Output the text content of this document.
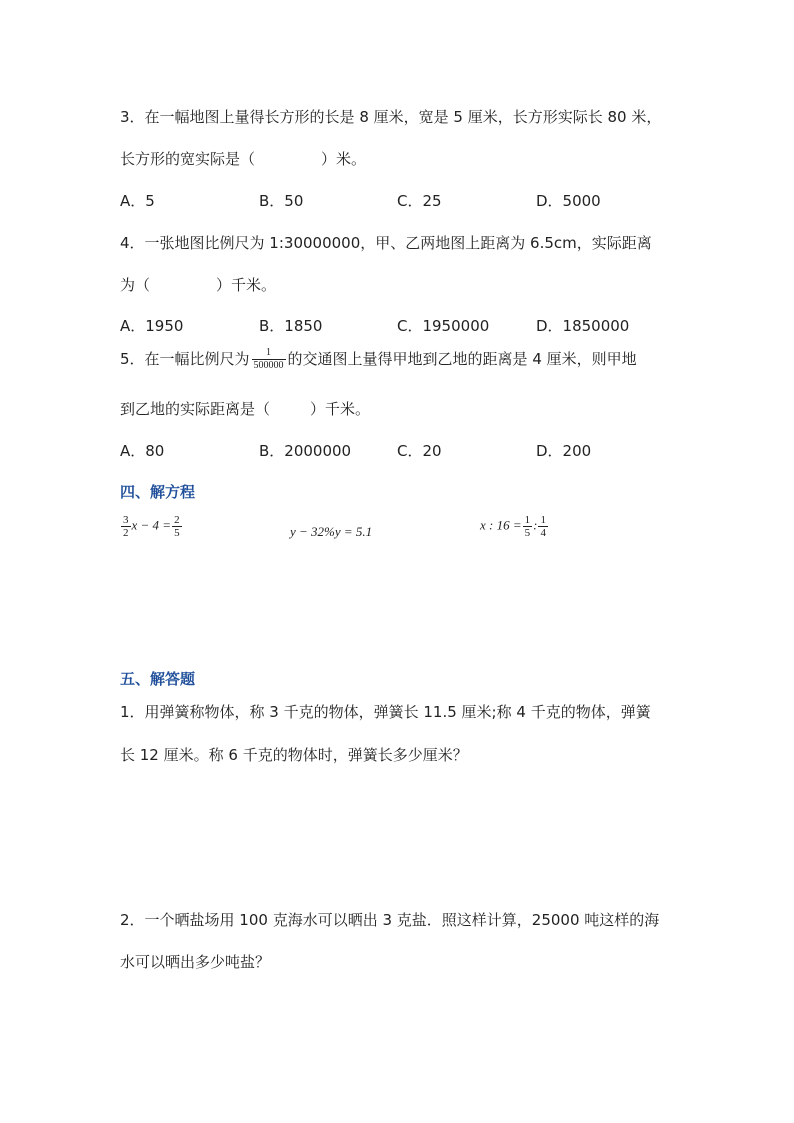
3．在一幅地图上量得长方形的长是 8 厘米，宽是 5 厘米，长方形实际长 80 米，
长方形的宽实际是（	）米。
A．5	B．50	C．25	D．5000
4．一张地图比例尺为 1:30000000，甲、乙两地图上距离为 6.5cm，实际距离
为（	）千米。
A．1950	B．1850	C．1950000	D．1850000
5．在一幅比例尺为 $\frac{1}{500000}$ 的交通图上量得甲地到乙地的距离是 4 厘米，则甲地
到乙地的实际距离是（	）千米。
A．80	B．2000000	C．20	D．200
四、解方程
$\frac{3}{2}$ $x - 4 = \frac{2}{5}$	y − 32%y = 5.1	x : $16 = \frac{1}{5}$ : $\frac{1}{4}$
五、解答题
1．用弹簧称物体，称 3 千克的物体，弹簧长 11.5 厘米;称 4 千克的物体，弹簧
长 12 厘米。称 6 千克的物体时，弹簧长多少厘米？
2．一个晒盐场用 100 克海水可以晒出 3 克盐．照这样计算，25000 吨这样的海
水可以晒出多少吨盐？
